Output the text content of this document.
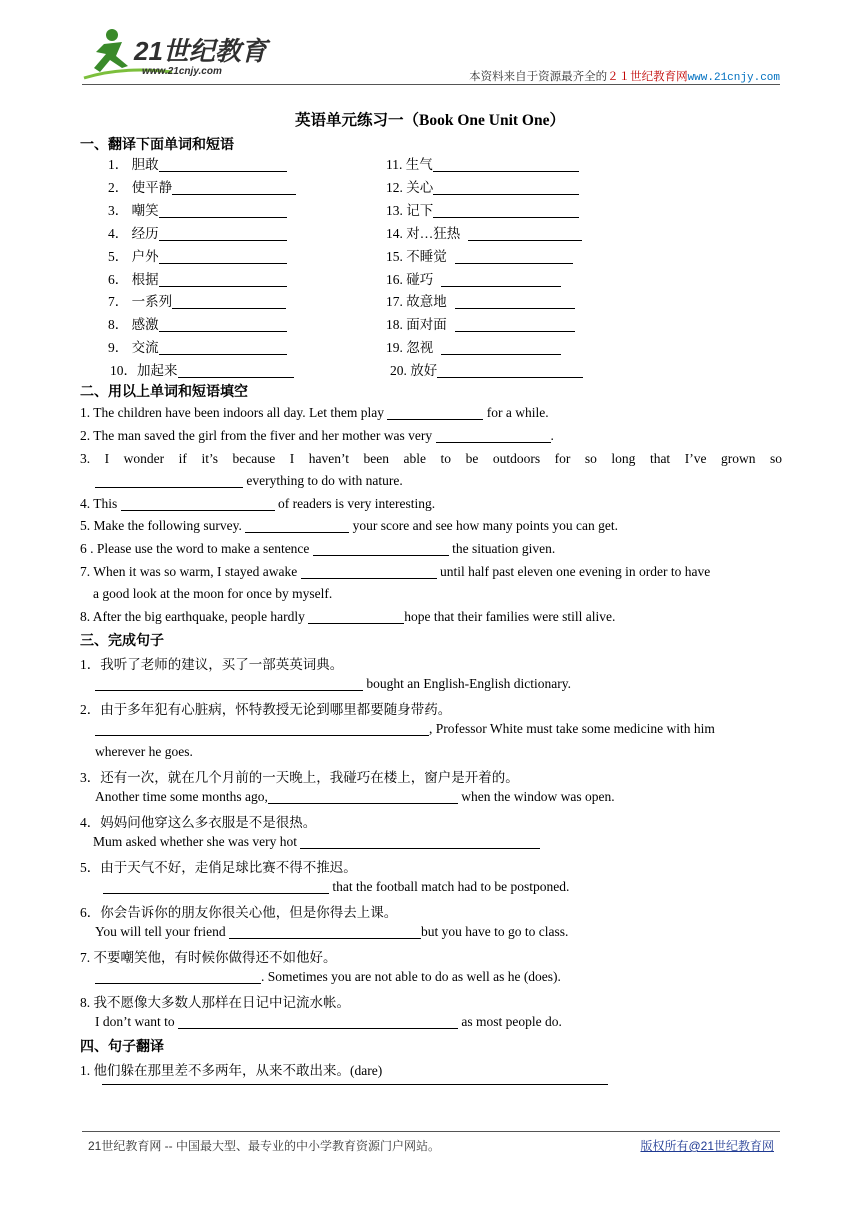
21世纪教育
www.21cnjy.com	本资料来自于资源最齐全的２１世纪教育网www.21cnjy.com
英语单元练习一（Book One Unit One）
一、翻译下面单词和短语
1． 胆敢
2． 使平静
3． 嘲笑
4． 经历
5． 户外
6． 根据
7． 一系列
8． 感激
9． 交流
10．加起来
11. 生气
12. 关心
13. 记下
14. 对…狂热
15. 不睡觉
16. 碰巧
17. 故意地
18. 面对面
19. 忽视
20. 放好
二、用以上单词和短语填空
1. The children have been indoors all day. Let them play	for a while.
2. The man saved the girl from the fiver and her mother was very	.
3. I wonder if it’s because I haven’t been able to be outdoors for so long that I’ve grown so
everything to do with nature.
4. This	of readers is very interesting.
5. Make the following survey.	your score and see how many points you can get.
6 . Please use the word to make a sentence	the situation given.
7. When it was so warm, I stayed awake	until half past eleven one evening in order to have
a good look at the moon for once by myself.
8. After the big earthquake, people hardly	hope that their families were still alive.
三、完成句子
1．我听了老师的建议，买了一部英英词典。
bought an English-English dictionary.
2．由于多年犯有心脏病，怀特教授无论到哪里都要随身带药。
, Professor White must take some medicine with him
wherever he goes.
3．还有一次，就在几个月前的一天晚上，我碰巧在楼上，窗户是开着的。
Another time some months ago,	when the window was open.
4．妈妈问他穿这么多衣服是不是很热。
Mum asked whether she was very hot
5．由于天气不好，走俏足球比赛不得不推迟。
that the football match had to be postponed.
6．你会告诉你的朋友你很关心他，但是你得去上课。
You will tell your friend	but you have to go to class.
7. 不要嘲笑他，有时候你做得还不如他好。
. Sometimes you are not able to do as well as he (does).
8. 我不愿像大多数人那样在日记中记流水帐。
I don’t want to	as most people do.
四、句子翻译
1. 他们躲在那里差不多两年，从来不敢出来。(dare)
21世纪教育网 -- 中国最大型、最专业的中小学教育资源门户网站。	版权所有@21世纪教育网
